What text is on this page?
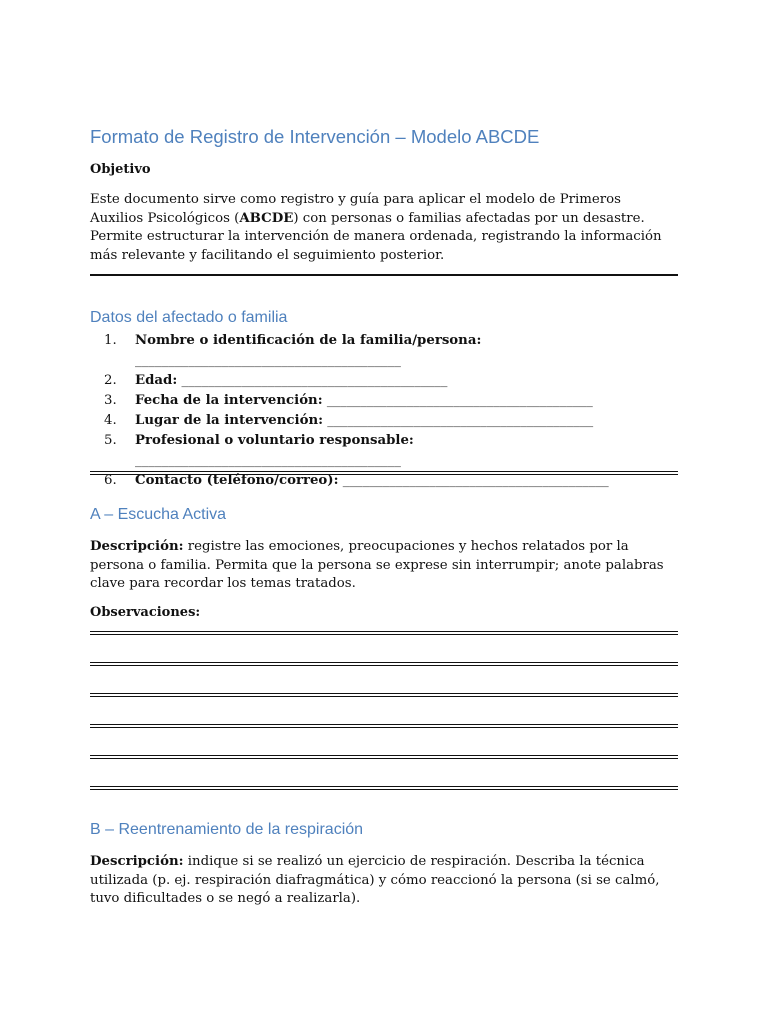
Formato de Registro de Intervención – Modelo ABCDE
Objetivo
Este documento sirve como registro y guía para aplicar el modelo de Primeros Auxilios Psicológicos (ABCDE) con personas o familias afectadas por un desastre. Permite estructurar la intervención de manera ordenada, registrando la información más relevante y facilitando el seguimiento posterior.
Datos del afectado o familia
1. Nombre o identificación de la familia/persona:
________________________________________
2. Edad: ________________________________________
3. Fecha de la intervención: ________________________________________
4. Lugar de la intervención: ________________________________________
5. Profesional o voluntario responsable: ________________________________________
6. Contacto (teléfono/correo): ________________________________________
A – Escucha Activa
Descripción: registre las emociones, preocupaciones y hechos relatados por la persona o familia. Permita que la persona se exprese sin interrumpir; anote palabras clave para recordar los temas tratados.
Observaciones:
B – Reentrenamiento de la respiración
Descripción: indique si se realizó un ejercicio de respiración. Describa la técnica utilizada (p. ej. respiración diafragmática) y cómo reaccionó la persona (si se calmó, tuvo dificultades o se negó a realizarla).
